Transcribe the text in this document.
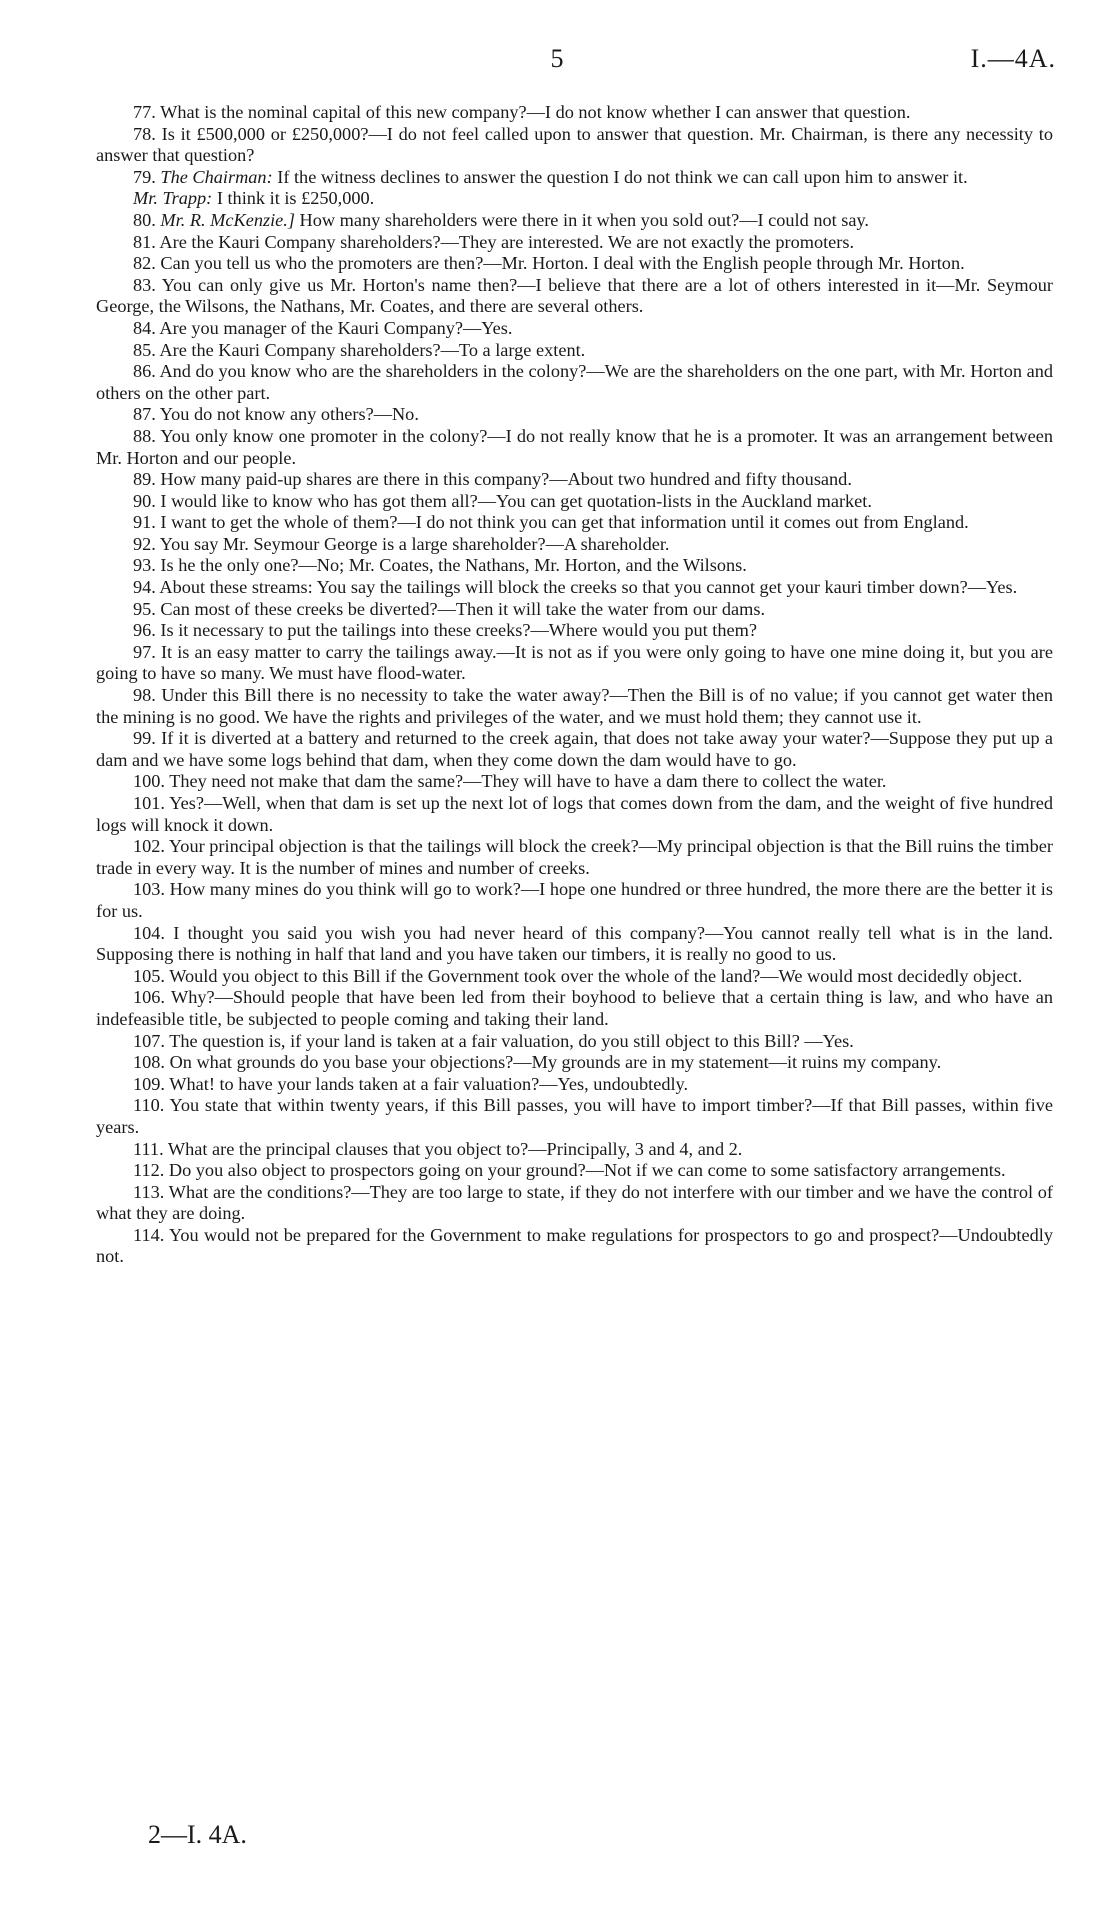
5	I.—4A.

77. What is the nominal capital of this new company?—I do not know whether I can answer that question.

78. Is it £500,000 or £250,000?—I do not feel called upon to answer that question. Mr. Chairman, is there any necessity to answer that question?

79. The Chairman: If the witness declines to answer the question I do not think we can call upon him to answer it.

Mr. Trapp: I think it is £250,000.

80. Mr. R. McKenzie.] How many shareholders were there in it when you sold out?—I could not say.

81. Are the Kauri Company shareholders?—They are interested. We are not exactly the promoters.

82. Can you tell us who the promoters are then?—Mr. Horton. I deal with the English people through Mr. Horton.

83. You can only give us Mr. Horton's name then?—I believe that there are a lot of others interested in it—Mr. Seymour George, the Wilsons, the Nathans, Mr. Coates, and there are several others.

84. Are you manager of the Kauri Company?—Yes.

85. Are the Kauri Company shareholders?—To a large extent.

86. And do you know who are the shareholders in the colony?—We are the shareholders on the one part, with Mr. Horton and others on the other part.

87. You do not know any others?—No.

88. You only know one promoter in the colony?—I do not really know that he is a promoter. It was an arrangement between Mr. Horton and our people.

89. How many paid-up shares are there in this company?—About two hundred and fifty thousand.

90. I would like to know who has got them all?—You can get quotation-lists in the Auckland market.

91. I want to get the whole of them?—I do not think you can get that information until it comes out from England.

92. You say Mr. Seymour George is a large shareholder?—A shareholder.

93. Is he the only one?—No; Mr. Coates, the Nathans, Mr. Horton, and the Wilsons.

94. About these streams: You say the tailings will block the creeks so that you cannot get your kauri timber down?—Yes.

95. Can most of these creeks be diverted?—Then it will take the water from our dams.

96. Is it necessary to put the tailings into these creeks?—Where would you put them?

97. It is an easy matter to carry the tailings away.—It is not as if you were only going to have one mine doing it, but you are going to have so many. We must have flood-water.

98. Under this Bill there is no necessity to take the water away?—Then the Bill is of no value; if you cannot get water then the mining is no good. We have the rights and privileges of the water, and we must hold them; they cannot use it.

99. If it is diverted at a battery and returned to the creek again, that does not take away your water?—Suppose they put up a dam and we have some logs behind that dam, when they come down the dam would have to go.

100. They need not make that dam the same?—They will have to have a dam there to collect the water.

101. Yes?—Well, when that dam is set up the next lot of logs that comes down from the dam, and the weight of five hundred logs will knock it down.

102. Your principal objection is that the tailings will block the creek?—My principal objection is that the Bill ruins the timber trade in every way. It is the number of mines and number of creeks.

103. How many mines do you think will go to work?—I hope one hundred or three hundred, the more there are the better it is for us.

104. I thought you said you wish you had never heard of this company?—You cannot really tell what is in the land. Supposing there is nothing in half that land and you have taken our timbers, it is really no good to us.

105. Would you object to this Bill if the Government took over the whole of the land?—We would most decidedly object.

106. Why?—Should people that have been led from their boyhood to believe that a certain thing is law, and who have an indefeasible title, be subjected to people coming and taking their land.

107. The question is, if your land is taken at a fair valuation, do you still object to this Bill? —Yes.

108. On what grounds do you base your objections?—My grounds are in my statement—it ruins my company.

109. What! to have your lands taken at a fair valuation?—Yes, undoubtedly.

110. You state that within twenty years, if this Bill passes, you will have to import timber?—If that Bill passes, within five years.

111. What are the principal clauses that you object to?—Principally, 3 and 4, and 2.

112. Do you also object to prospectors going on your ground?—Not if we can come to some satisfactory arrangements.

113. What are the conditions?—They are too large to state, if they do not interfere with our timber and we have the control of what they are doing.

114. You would not be prepared for the Government to make regulations for prospectors to go and prospect?—Undoubtedly not.

2—I. 4A.
